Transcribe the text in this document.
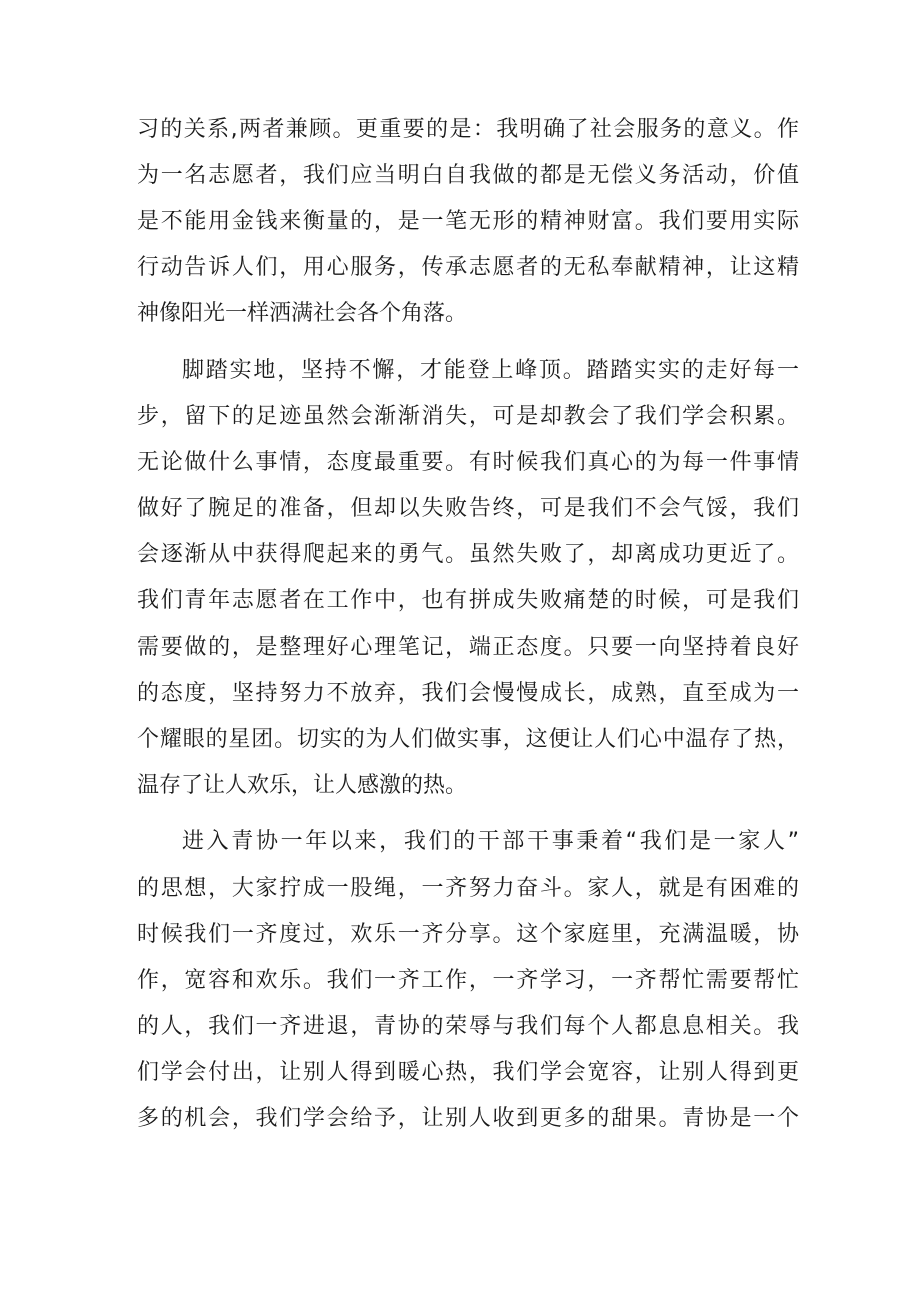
习的关系,两者兼顾。更重要的是：我明确了社会服务的意义。作
为一名志愿者，我们应当明白自我做的都是无偿义务活动，价值
是不能用金钱来衡量的，是一笔无形的精神财富。我们要用实际
行动告诉人们，用心服务，传承志愿者的无私奉献精神，让这精
神像阳光一样洒满社会各个角落。
脚踏实地，坚持不懈，才能登上峰顶。踏踏实实的走好每一
步，留下的足迹虽然会渐渐消失，可是却教会了我们学会积累。
无论做什么事情，态度最重要。有时候我们真心的为每一件事情
做好了腕足的准备，但却以失败告终，可是我们不会气馁，我们
会逐渐从中获得爬起来的勇气。虽然失败了，却离成功更近了。
我们青年志愿者在工作中，也有拼成失败痛楚的时候，可是我们
需要做的，是整理好心理笔记，端正态度。只要一向坚持着良好
的态度，坚持努力不放弃，我们会慢慢成长，成熟，直至成为一
个耀眼的星团。切实的为人们做实事，这便让人们心中温存了热，
温存了让人欢乐，让人感激的热。
进入青协一年以来，我们的干部干事秉着“我们是一家人”
的思想，大家拧成一股绳，一齐努力奋斗。家人，就是有困难的
时候我们一齐度过，欢乐一齐分享。这个家庭里，充满温暖，协
作，宽容和欢乐。我们一齐工作，一齐学习，一齐帮忙需要帮忙
的人，我们一齐进退，青协的荣辱与我们每个人都息息相关。我
们学会付出，让别人得到暖心热，我们学会宽容，让别人得到更
多的机会，我们学会给予，让别人收到更多的甜果。青协是一个
